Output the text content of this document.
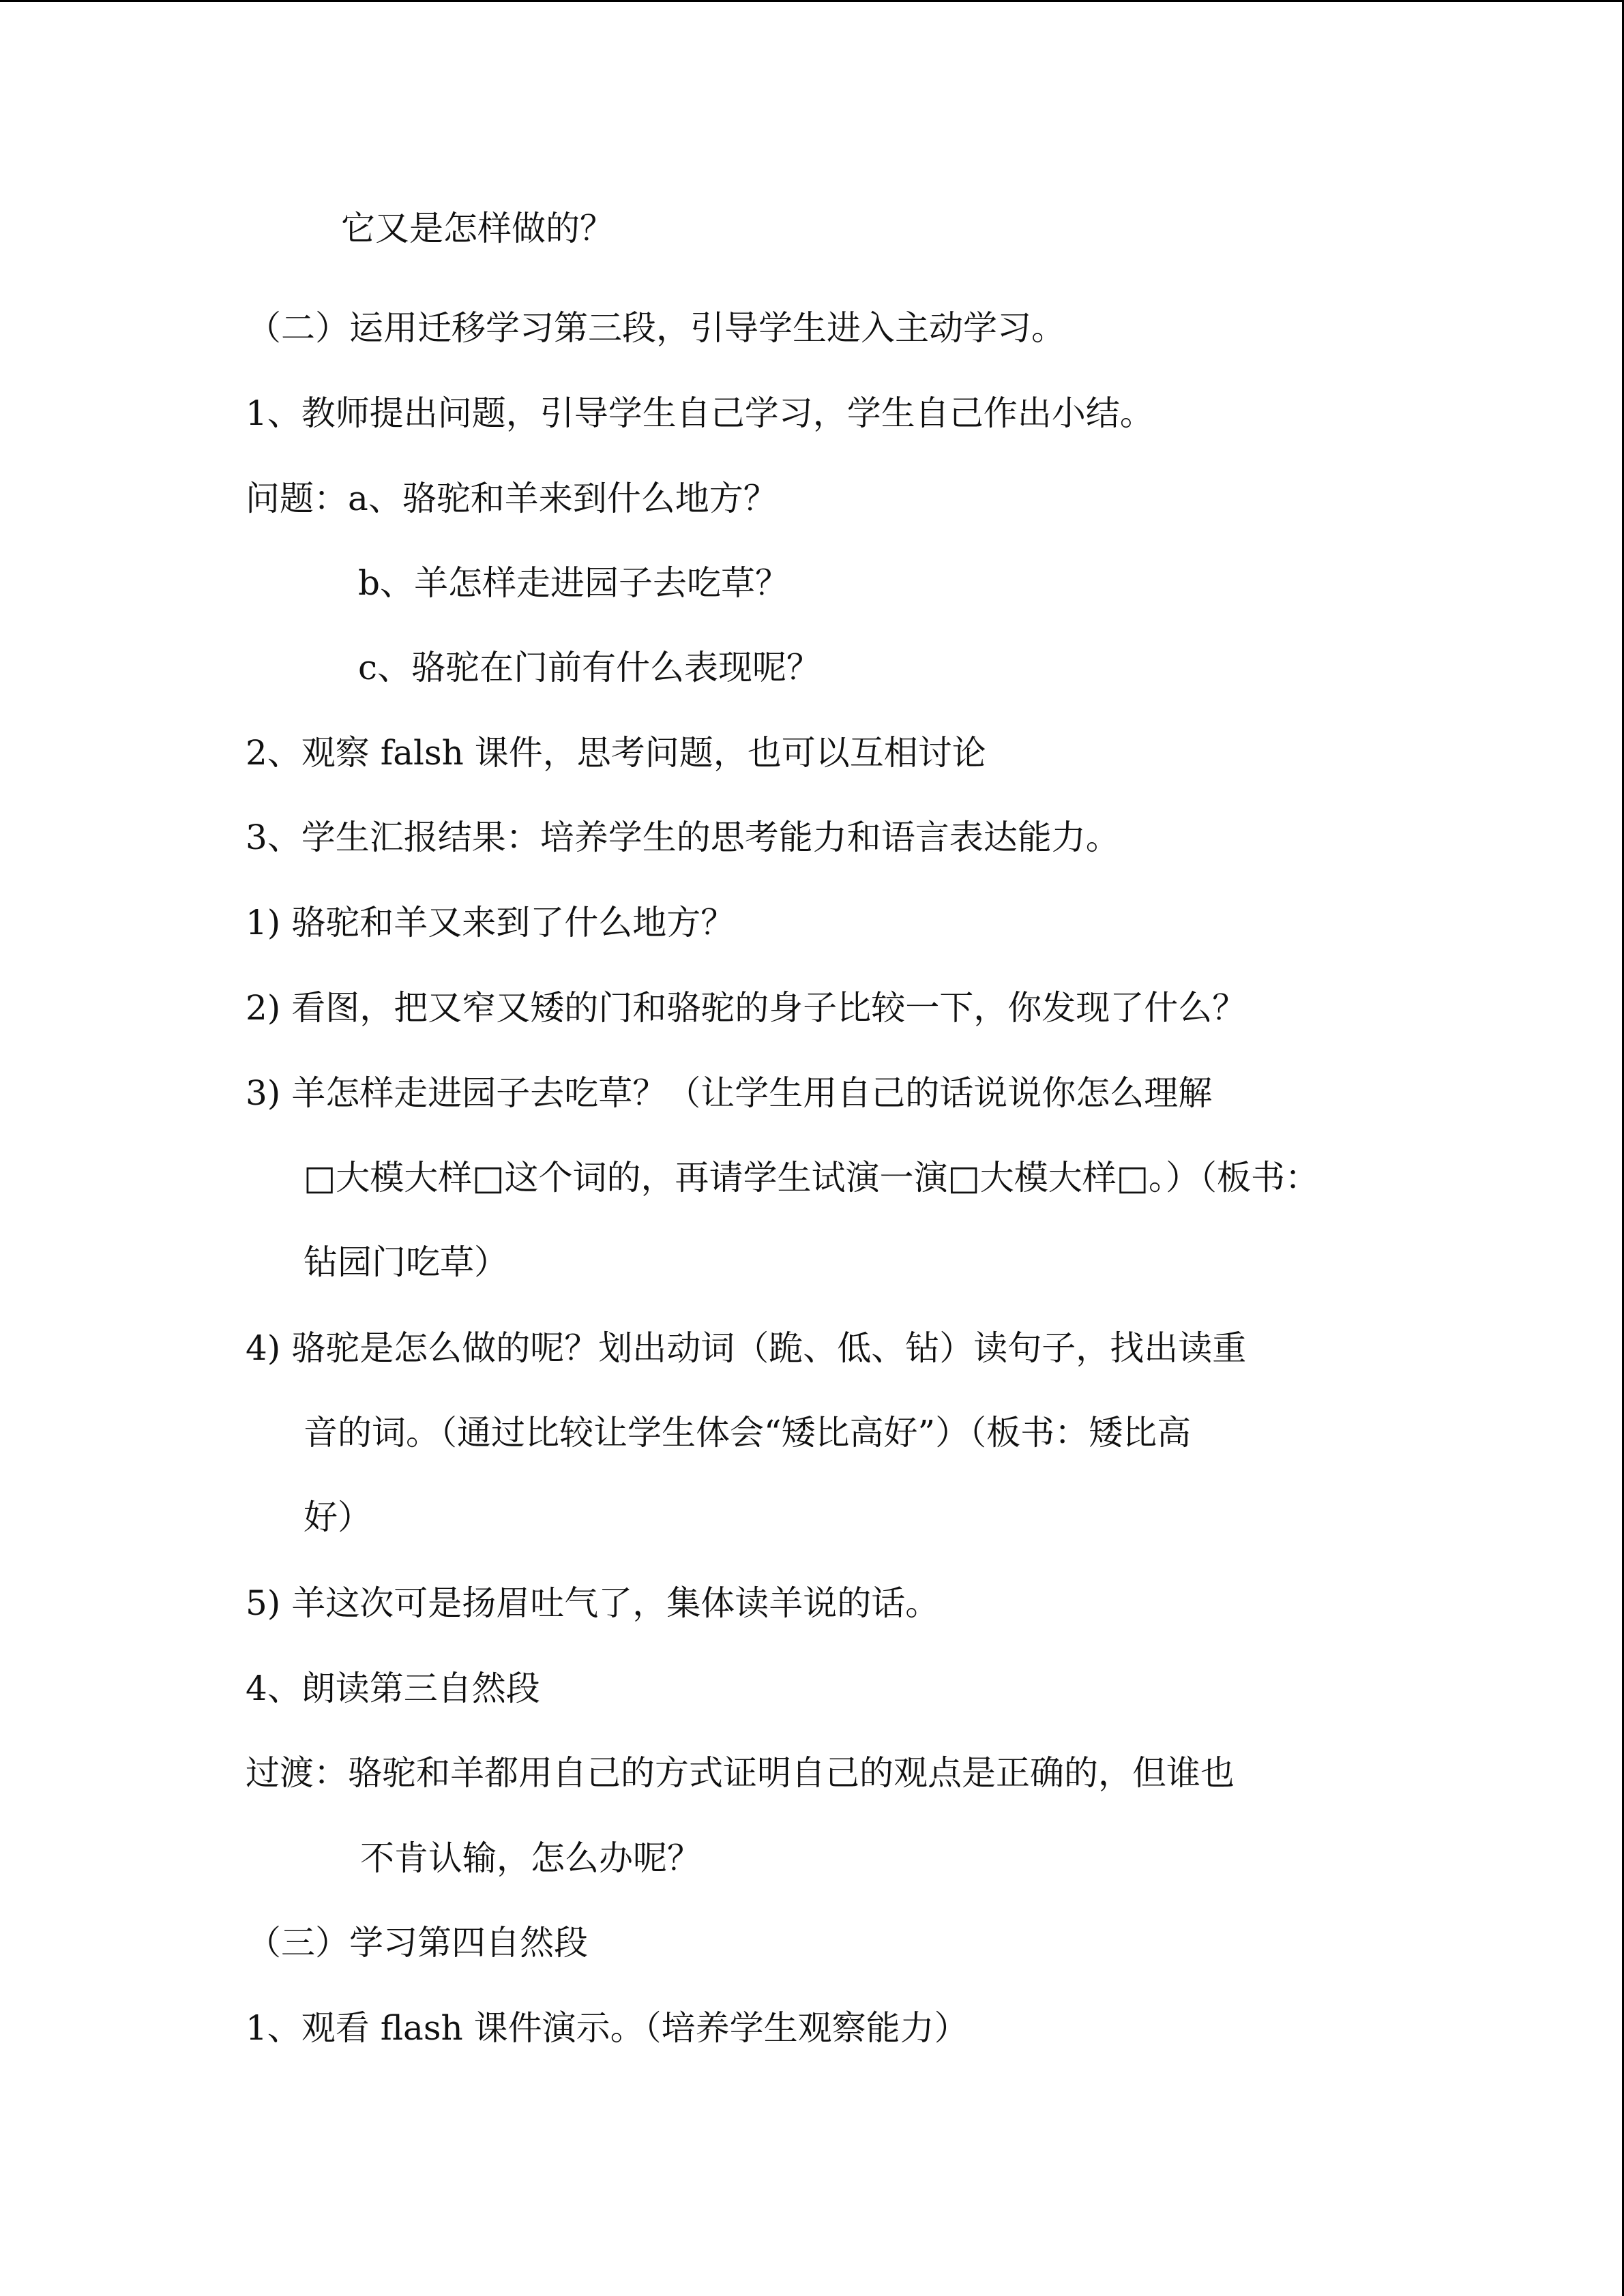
它又是怎样做的？
（二）运用迁移学习第三段，引导学生进入主动学习。
1、教师提出问题，引导学生自己学习，学生自己作出小结。
问题：a、骆驼和羊来到什么地方？
b、羊怎样走进园子去吃草？
c、骆驼在门前有什么表现呢？
2、观察 falsh 课件，思考问题，也可以互相讨论
3、学生汇报结果：培养学生的思考能力和语言表达能力。
1) 骆驼和羊又来到了什么地方？
2) 看图，把又窄又矮的门和骆驼的身子比较一下，你发现了什么？
3) 羊怎样走进园子去吃草？（让学生用自己的话说说你怎么理解
□大模大样□这个词的，再请学生试演一演□大模大样□。）（板书：
钻园门吃草）
4) 骆驼是怎么做的呢？划出动词（跪、低、钻）读句子，找出读重
音的词。（通过比较让学生体会“矮比高好”）（板书：矮比高
好）
5) 羊这次可是扬眉吐气了，集体读羊说的话。
4、朗读第三自然段
过渡：骆驼和羊都用自己的方式证明自己的观点是正确的，但谁也
不肯认输，怎么办呢？
（三）学习第四自然段
1、观看 flash 课件演示。（培养学生观察能力）
